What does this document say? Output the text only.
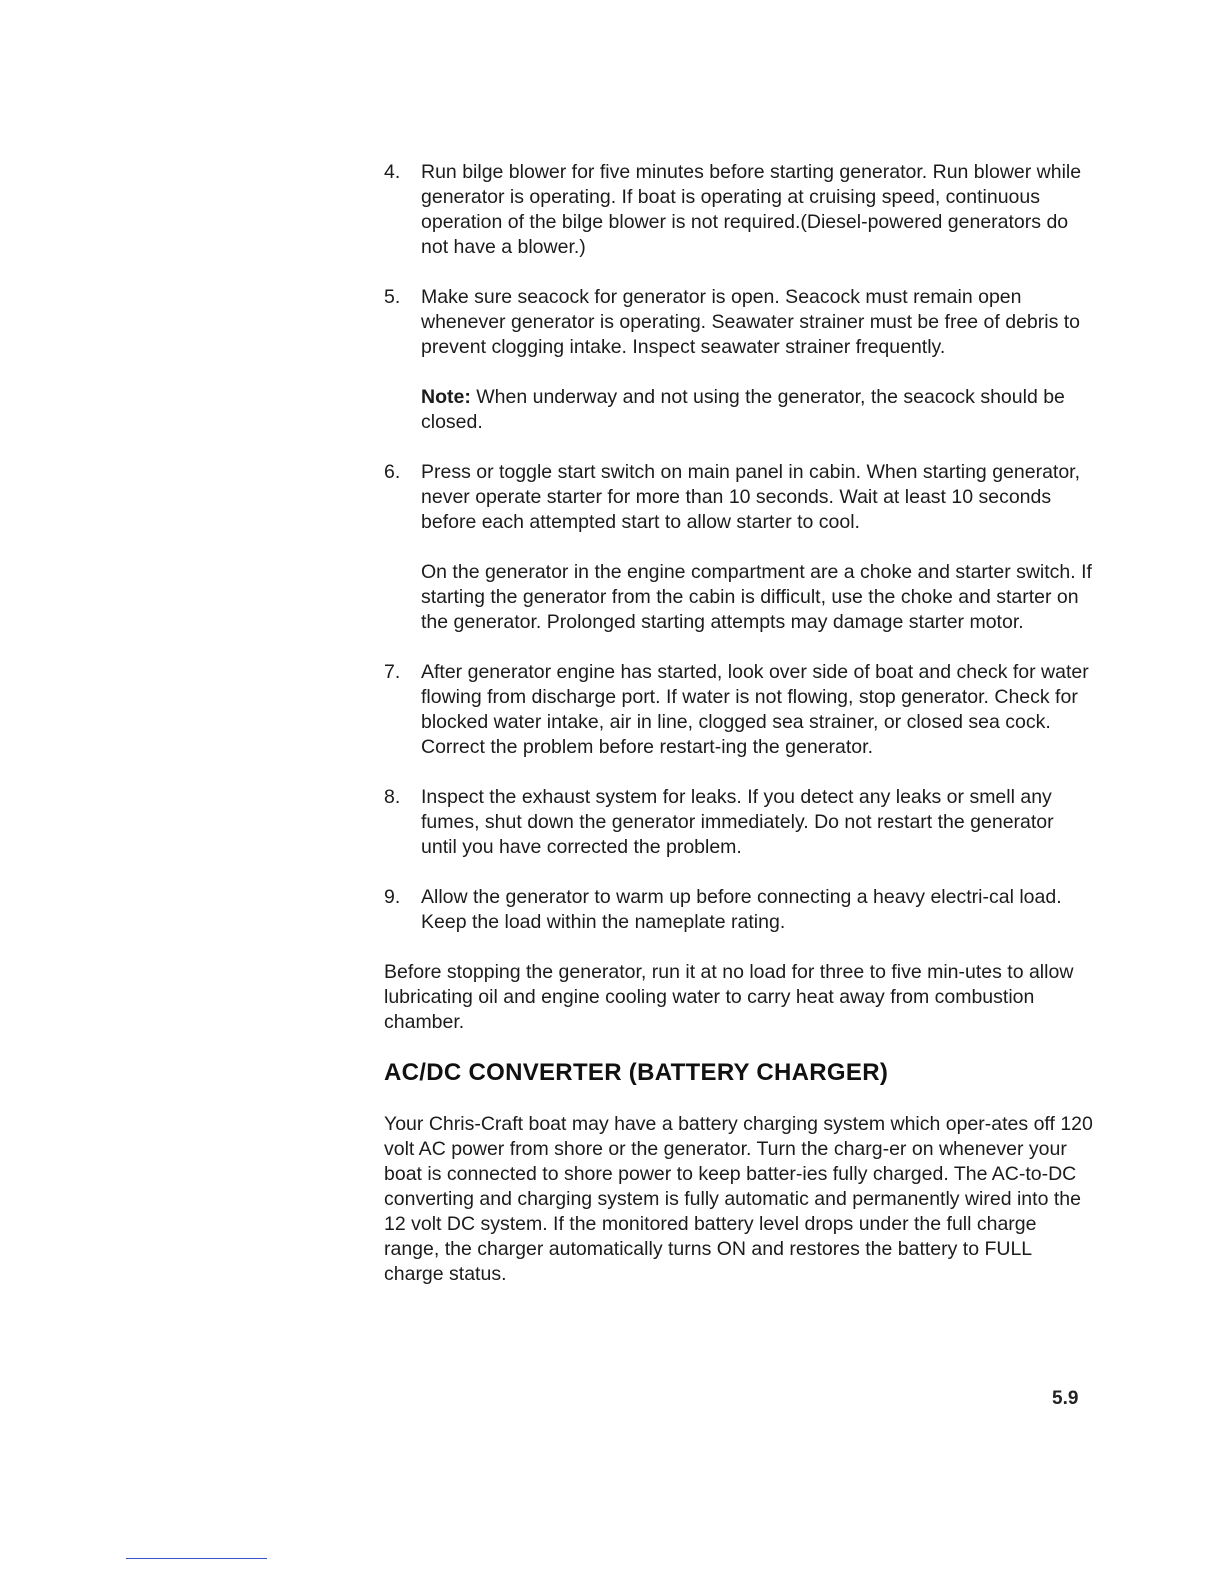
4. Run bilge blower for five minutes before starting generator. Run blower while generator is operating. If boat is operating at cruising speed, continuous operation of the bilge blower is not required.(Diesel-powered generators do not have a blower.)

5. Make sure seacock for generator is open. Seacock must remain open whenever generator is operating. Seawater strainer must be free of debris to prevent clogging intake. Inspect seawater strainer frequently.

Note: When underway and not using the generator, the seacock should be closed.

6. Press or toggle start switch on main panel in cabin. When starting generator, never operate starter for more than 10 seconds. Wait at least 10 seconds before each attempted start to allow starter to cool.

On the generator in the engine compartment are a choke and starter switch. If starting the generator from the cabin is difficult, use the choke and starter on the generator. Prolonged starting attempts may damage starter motor.

7. After generator engine has started, look over side of boat and check for water flowing from discharge port. If water is not flowing, stop generator. Check for blocked water intake, air in line, clogged sea strainer, or closed sea cock. Correct the problem before restart-ing the generator.

8. Inspect the exhaust system for leaks. If you detect any leaks or smell any fumes, shut down the generator immediately. Do not restart the generator until you have corrected the problem.

9. Allow the generator to warm up before connecting a heavy electri-cal load. Keep the load within the nameplate rating.

Before stopping the generator, run it at no load for three to five min-utes to allow lubricating oil and engine cooling water to carry heat away from combustion chamber.

AC/DC CONVERTER (BATTERY CHARGER)

Your Chris-Craft boat may have a battery charging system which oper-ates off 120 volt AC power from shore or the generator. Turn the charg-er on whenever your boat is connected to shore power to keep batter-ies fully charged. The AC-to-DC converting and charging system is fully automatic and permanently wired into the 12 volt DC system. If the monitored battery level drops under the full charge range, the charger automatically turns ON and restores the battery to FULL charge status.

5.9
